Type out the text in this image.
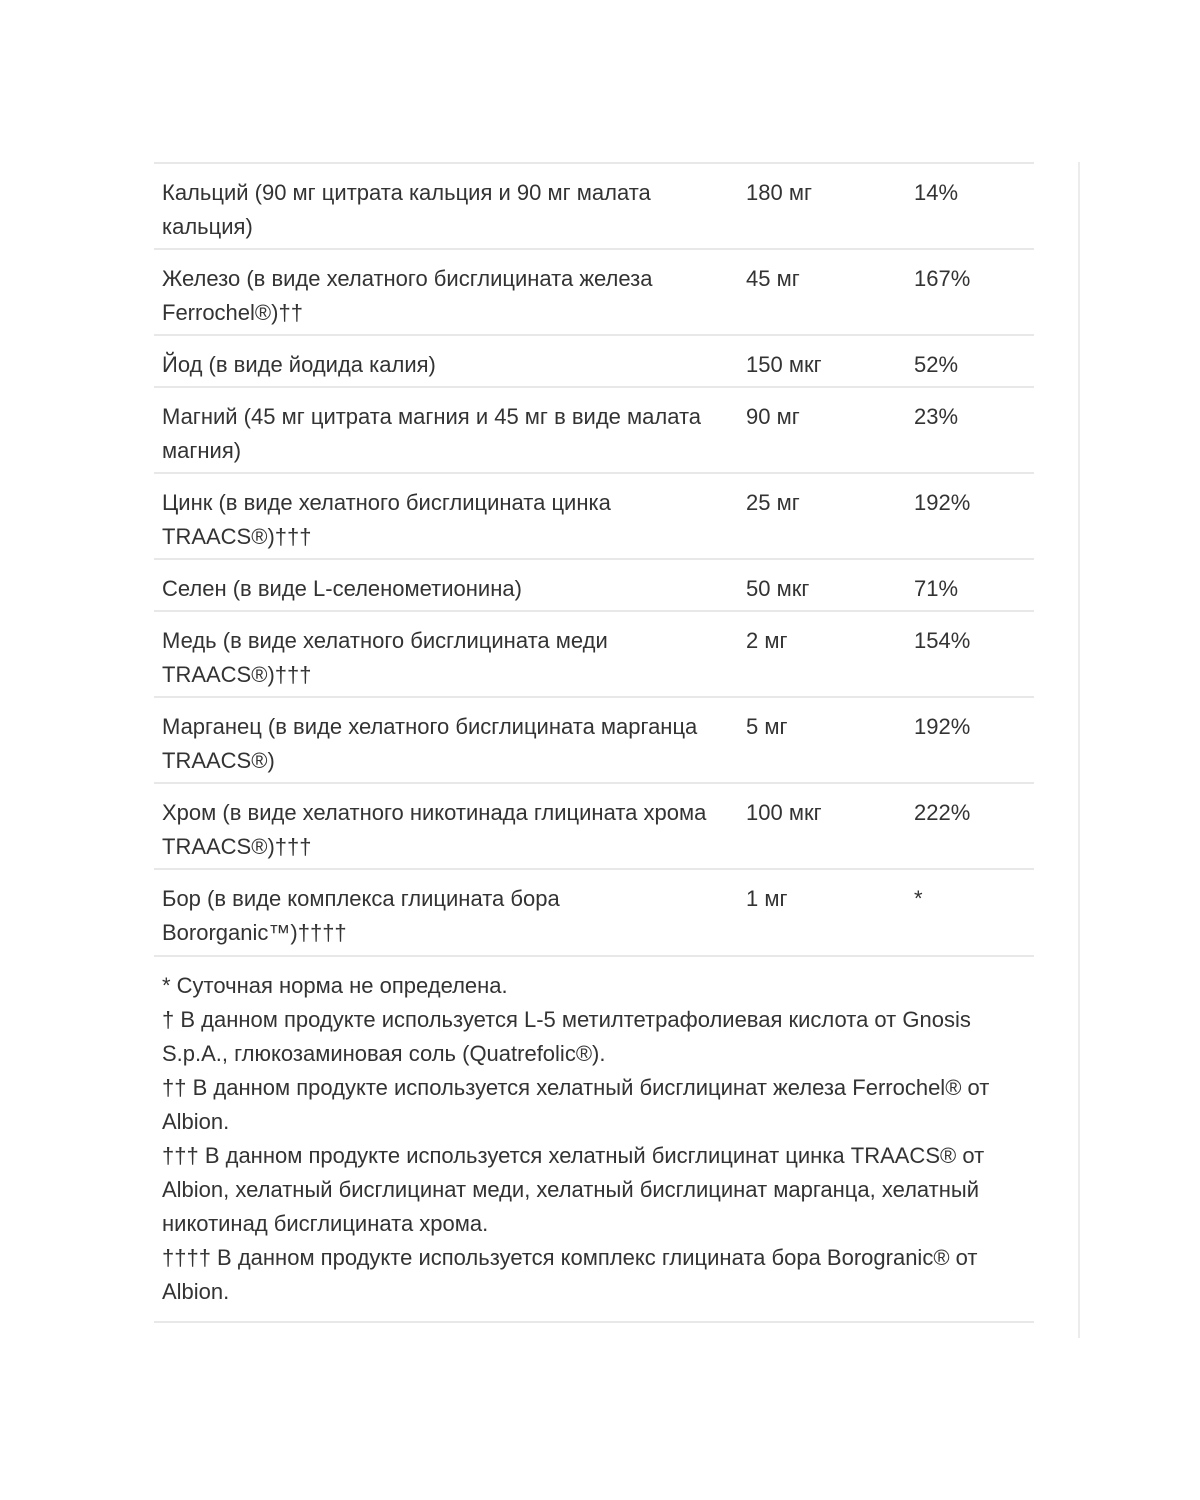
Кальций (90 мг цитрата кальция и 90 мг малата кальция)	180 мг	14%
Железо (в виде хелатного бисглицината железа Ferrochel®)††	45 мг	167%
Йод (в виде йодида калия)	150 мкг	52%
Магний (45 мг цитрата магния и 45 мг в виде малата магния)	90 мг	23%
Цинк (в виде хелатного бисглицината цинка TRAACS®)†††	25 мг	192%
Селен (в виде L-селенометионина)	50 мкг	71%
Медь (в виде хелатного бисглицината меди TRAACS®)†††	2 мг	154%
Марганец (в виде хелатного бисглицината марганца TRAACS®)	5 мг	192%
Хром (в виде хелатного никотинада глицината хрома TRAACS®)†††	100 мкг	222%
Бор (в виде комплекса глицината бора Bororganic™)††††	1 мг	*

* Суточная норма не определена.

† В данном продукте используется L-5 метилтетрафолиевая кислота от Gnosis S.p.A., глюкозаминовая соль (Quatrefolic®).

†† В данном продукте используется хелатный бисглицинат железа Ferrochel® от Albion.

††† В данном продукте используется хелатный бисглицинат цинка TRAACS® от Albion, хелатный бисглицинат меди, хелатный бисглицинат марганца, хелатный никотинад бисглицината хрома.

†††† В данном продукте используется комплекс глицината бора Borogranic® от Albion.
